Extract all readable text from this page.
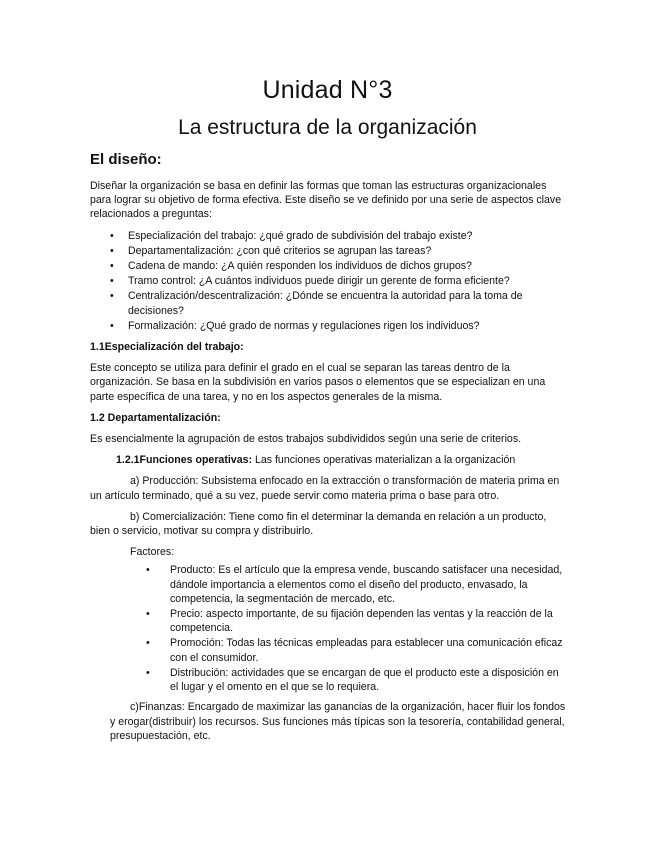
Unidad N°3
La estructura de la organización
El diseño:

Diseñar la organización se basa en definir las formas que toman las estructuras organizacionales para lograr su objetivo de forma efectiva. Este diseño se ve definido por una serie de aspectos clave relacionados a preguntas:

• Especialización del trabajo: ¿qué grado de subdivisión del trabajo existe?
• Departamentalización: ¿con qué criterios se agrupan las tareas?
• Cadena de mando: ¿A quién responden los individuos de dichos grupos?
• Tramo control: ¿A cuántos individuos puede dirigir un gerente de forma eficiente?
• Centralización/descentralización: ¿Dónde se encuentra la autoridad para la toma de decisiones?
• Formalización: ¿Qué grado de normas y regulaciones rigen los individuos?
1.1Especialización del trabajo:

Este concepto se utiliza para definir el grado en el cual se separan las tareas dentro de la organización. Se basa en la subdivisión en varios pasos o elementos que se especializan en una parte específica de una tarea, y no en los aspectos generales de la misma.

1.2 Departamentalización:

Es esencialmente la agrupación de estos trabajos subdivididos según una serie de criterios.

1.2.1Funciones operativas: Las funciones operativas materializan a la organización

a) Producción: Subsistema enfocado en la extracción o transformación de materia prima en un artículo terminado, qué a su vez, puede servir como materia prima o base para otro.

b) Comercialización: Tiene como fin el determinar la demanda en relación a un producto, bien o servicio, motivar su compra y distribuirlo.

Factores:

• Producto: Es el artículo que la empresa vende, buscando satisfacer una necesidad, dándole importancia a elementos como el diseño del producto, envasado, la competencia, la segmentación de mercado, etc.
• Precio: aspecto importante, de su fijación dependen las ventas y la reacción de la competencia.
• Promoción: Todas las técnicas empleadas para establecer una comunicación eficaz con el consumidor.
• Distribución: actividades que se encargan de que el producto este a disposición en el lugar y el omento en el que se lo requiera.

c)Finanzas: Encargado de maximizar las ganancias de la organización, hacer fluir los fondos y erogar(distribuir) los recursos. Sus funciones más típicas son la tesorería, contabilidad general, presupuestación, etc.
